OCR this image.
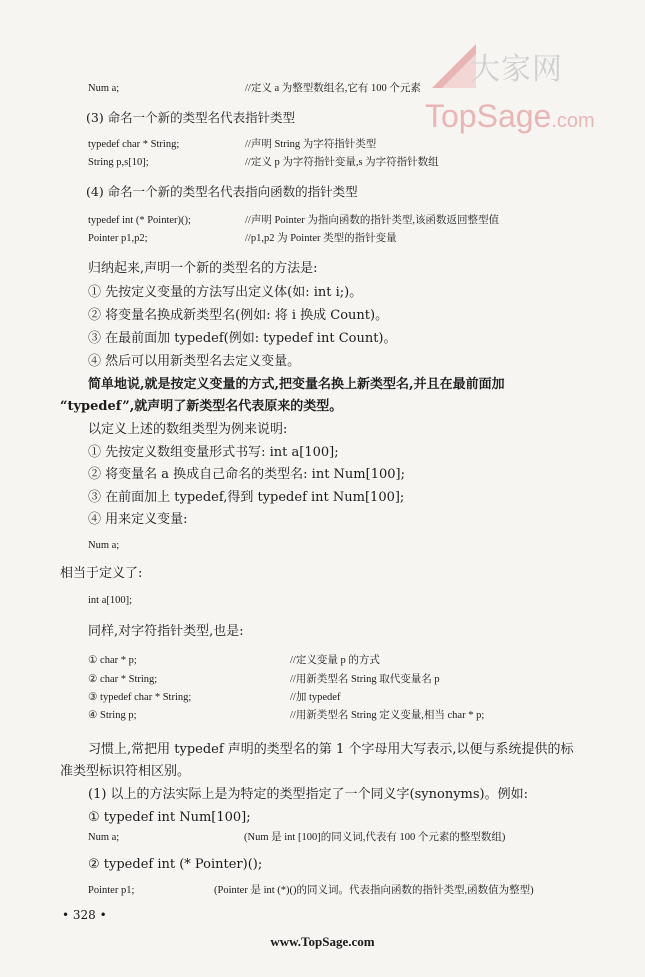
大家网
TopSage.com
Num a;	//定义 a 为整型数组名,它有 100 个元素
(3) 命名一个新的类型名代表指针类型
typedef char * String;	//声明 String 为字符指针类型
String p,s[10];	//定义 p 为字符指针变量,s 为字符指针数组
(4) 命名一个新的类型名代表指向函数的指针类型
typedef int (* Pointer)();	//声明 Pointer 为指向函数的指针类型,该函数返回整型值
Pointer p1,p2;	//p1,p2 为 Pointer 类型的指针变量
归纳起来,声明一个新的类型名的方法是:
① 先按定义变量的方法写出定义体(如: int i;)。
② 将变量名换成新类型名(例如: 将 i 换成 Count)。
③ 在最前面加 typedef(例如: typedef int Count)。
④ 然后可以用新类型名去定义变量。
简单地说,就是按定义变量的方式,把变量名换上新类型名,并且在最前面加
“typedef”,就声明了新类型名代表原来的类型。
以定义上述的数组类型为例来说明:
① 先按定义数组变量形式书写: int a[100];
② 将变量名 a 换成自己命名的类型名: int Num[100];
③ 在前面加上 typedef,得到 typedef int Num[100];
④ 用来定义变量:
Num a;
相当于定义了:
int a[100];
同样,对字符指针类型,也是:
① char * p;	//定义变量 p 的方式
② char * String;	//用新类型名 String 取代变量名 p
③ typedef char * String;	//加 typedef
④ String p;	//用新类型名 String 定义变量,相当 char * p;
习惯上,常把用 typedef 声明的类型名的第 1 个字母用大写表示,以便与系统提供的标
准类型标识符相区别。
(1) 以上的方法实际上是为特定的类型指定了一个同义字(synonyms)。例如:
① typedef int Num[100];
Num a;	(Num 是 int [100]的同义词,代表有 100 个元素的整型数组)
② typedef int (* Pointer)();
Pointer p1;	(Pointer 是 int (*)()的同义词。代表指向函数的指针类型,函数值为整型)
• 328 •
www.TopSage.com
